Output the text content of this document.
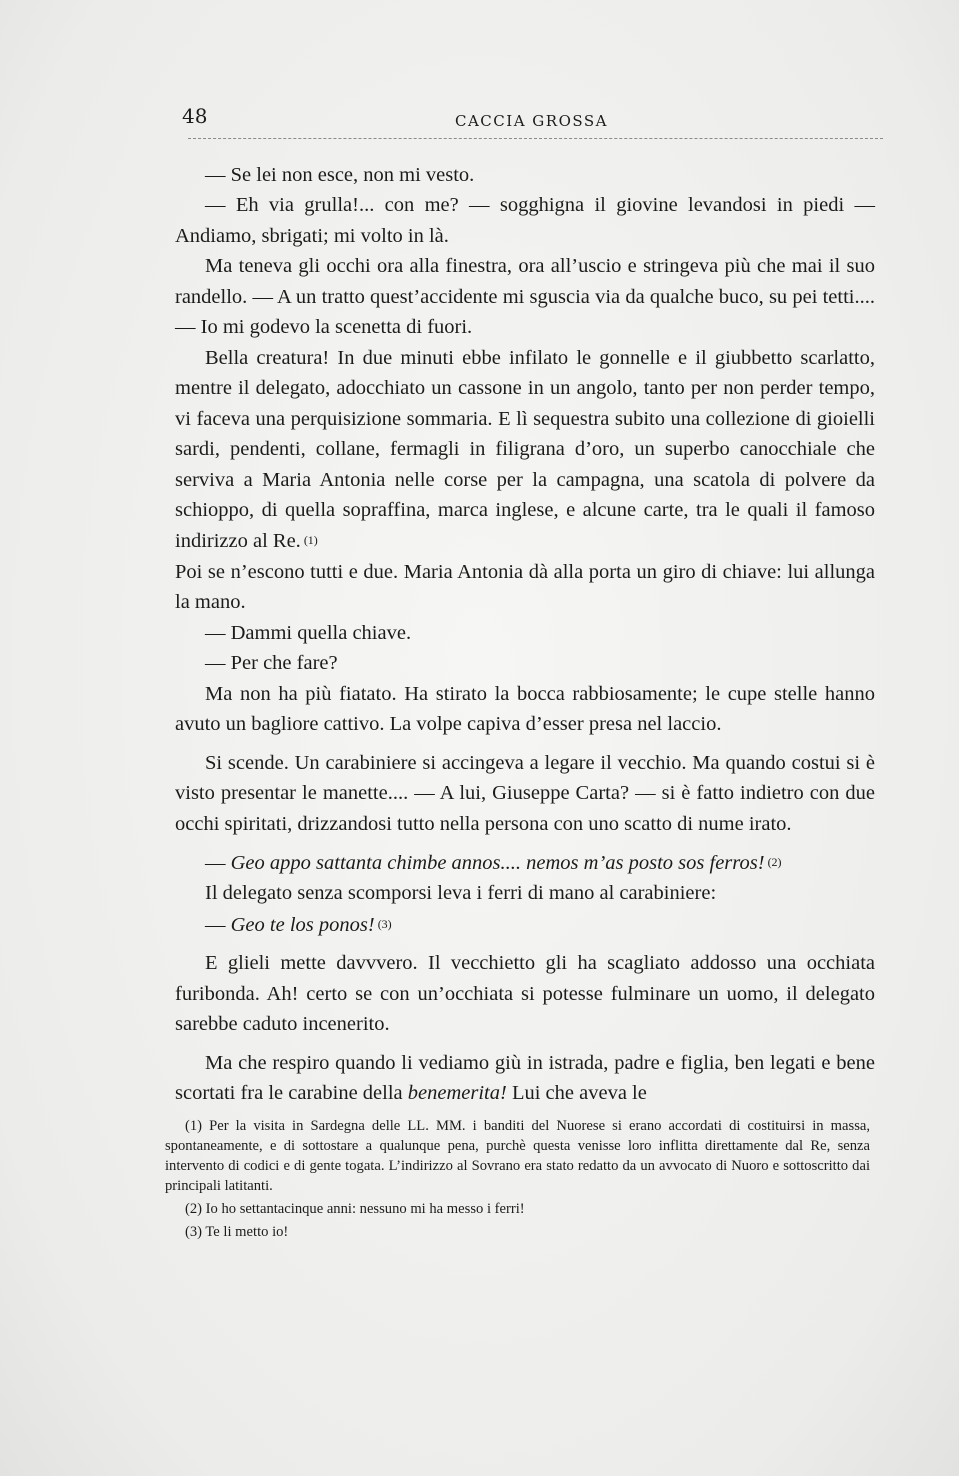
48	CACCIA GROSSA

— Se lei non esce, non mi vesto.

— Eh via grulla!... con me? — sogghigna il giovine levandosi in piedi — Andiamo, sbrigati; mi volto in là.

Ma teneva gli occhi ora alla finestra, ora all’uscio e stringeva più che mai il suo randello. — A un tratto quest’accidente mi sguscia via da qualche buco, su pei tetti.... — Io mi godevo la scenetta di fuori.

Bella creatura! In due minuti ebbe infilato le gonnelle e il giubbetto scarlatto, mentre il delegato, adocchiato un cassone in un angolo, tanto per non perder tempo, vi faceva una perquisizione sommaria. E lì sequestra subito una collezione di gioielli sardi, pendenti, collane, fermagli in filigrana d’oro, un superbo canocchiale che serviva a Maria Antonia nelle corse per la campagna, una scatola di polvere da schioppo, di quella sopraffina, marca inglese, e alcune carte, tra le quali il famoso indirizzo al Re. (1)

Poi se n’escono tutti e due. Maria Antonia dà alla porta un giro di chiave: lui allunga la mano.

— Dammi quella chiave.

— Per che fare?

Ma non ha più fiatato. Ha stirato la bocca rabbiosamente; le cupe stelle hanno avuto un bagliore cattivo. La volpe capiva d’esser presa nel laccio.

Si scende. Un carabiniere si accingeva a legare il vecchio. Ma quando costui si è visto presentar le manette.... — A lui, Giuseppe Carta? — si è fatto indietro con due occhi spiritati, drizzandosi tutto nella persona con uno scatto di nume irato.

— Geo appo sattanta chimbe annos.... nemos m’as posto sos ferros! (2)

Il delegato senza scomporsi leva i ferri di mano al carabiniere:

— Geo te los ponos! (3)

E glieli mette davvvero. Il vecchietto gli ha scagliato addosso una occhiata furibonda. Ah! certo se con un’occhiata si potesse fulminare un uomo, il delegato sarebbe caduto incenerito.

Ma che respiro quando li vediamo giù in istrada, padre e figlia, ben legati e bene scortati fra le carabine della benemerita! Lui che aveva le

(1) Per la visita in Sardegna delle LL. MM. i banditi del Nuorese si erano accordati di costituirsi in massa, spontaneamente, e di sottostare a qualunque pena, purchè questa venisse loro inflitta direttamente dal Re, senza intervento di codici e di gente togata. L’indirizzo al Sovrano era stato redatto da un avvocato di Nuoro e sottoscritto dai principali latitanti.

(2) Io ho settantacinque anni: nessuno mi ha messo i ferri!

(3) Te li metto io!
